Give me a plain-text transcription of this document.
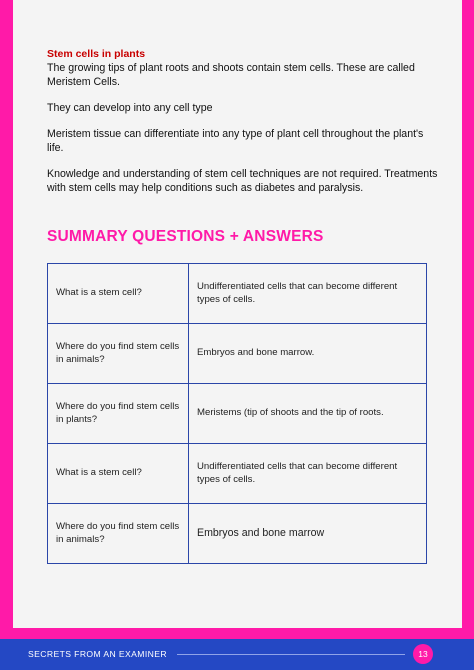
Stem cells in plants
The growing tips of plant roots and shoots contain stem cells. These are called Meristem Cells.
They can develop into any cell type
Meristem tissue can differentiate into any type of plant cell throughout the plant's life.
Knowledge and understanding of stem cell techniques are not required. Treatments with stem cells may help conditions such as diabetes and paralysis.
SUMMARY QUESTIONS + ANSWERS
What is a stem cell?	Undifferentiated cells that can become different types of cells.
Where do you find stem cells in animals?	Embryos and bone marrow.
Where do you find stem cells in plants?	Meristems (tip of shoots and the tip of roots.
What is a stem cell?	Undifferentiated cells that can become different types of cells.
Where do you find stem cells in animals?	Embryos and bone marrow
SECRETS FROM AN EXAMINER	13
